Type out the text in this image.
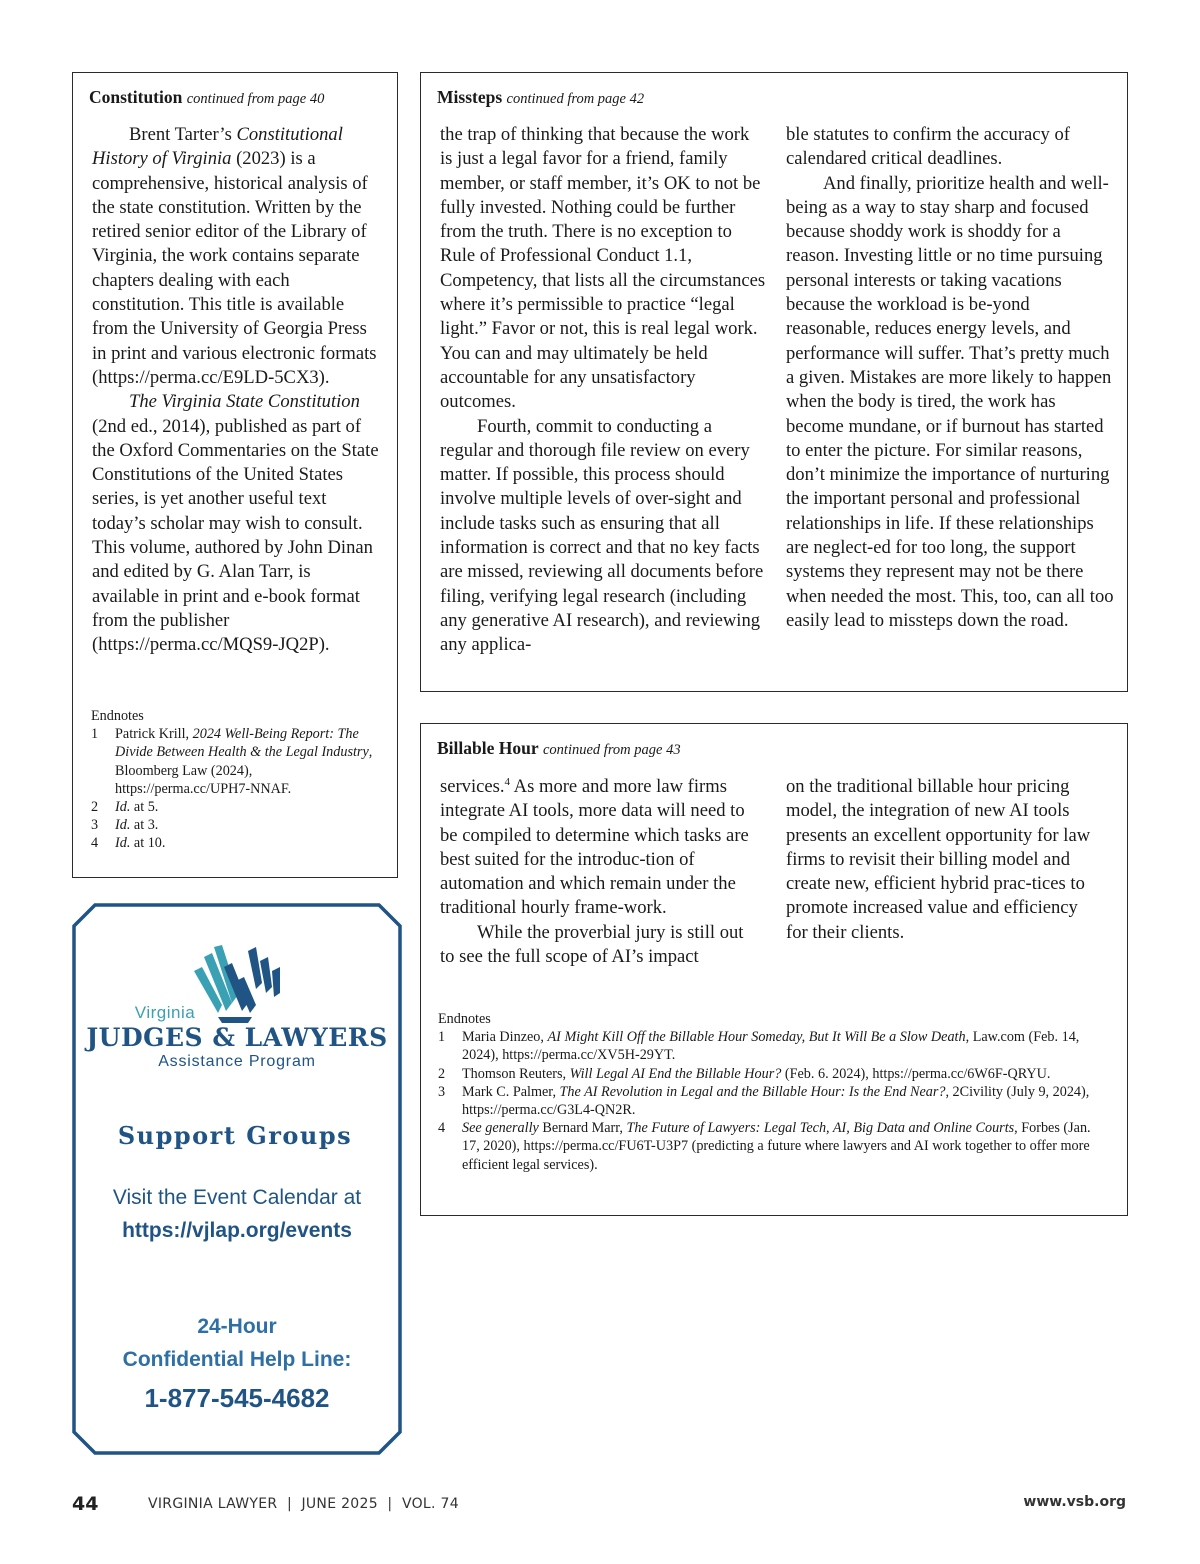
Constitution continued from page 40

Brent Tarter’s Constitutional History of Virginia (2023) is a comprehensive, historical analysis of the state constitution. Written by the retired senior editor of the Library of Virginia, the work contains separate chapters dealing with each constitution. This title is available from the University of Georgia Press in print and various electronic formats (https://perma.cc/E9LD-5CX3).

The Virginia State Constitution (2nd ed., 2014), published as part of the Oxford Commentaries on the State Constitutions of the United States series, is yet another useful text today’s scholar may wish to consult. This volume, authored by John Dinan and edited by G. Alan Tarr, is available in print and e-book format from the publisher (https://perma.cc/MQS9-JQ2P).

Endnotes
1 Patrick Krill, 2024 Well-Being Report: The Divide Between Health & the Legal Industry, Bloomberg Law (2024), https://perma.cc/UPH7-NNAF.
2 Id. at 5.
3 Id. at 3.
4 Id. at 10.
Missteps continued from page 42

the trap of thinking that because the work is just a legal favor for a friend, family member, or staff member, it’s OK to not be fully invested. Nothing could be further from the truth. There is no exception to Rule of Professional Conduct 1.1, Competency, that lists all the circumstances where it’s permissible to practice “legal light.” Favor or not, this is real legal work. You can and may ultimately be held accountable for any unsatisfactory outcomes.

Fourth, commit to conducting a regular and thorough file review on every matter. If possible, this process should involve multiple levels of over-sight and include tasks such as ensuring that all information is correct and that no key facts are missed, reviewing all documents before filing, verifying legal research (including any generative AI research), and reviewing any applica-

ble statutes to confirm the accuracy of calendared critical deadlines.

And finally, prioritize health and well-being as a way to stay sharp and focused because shoddy work is shoddy for a reason. Investing little or no time pursuing personal interests or taking vacations because the workload is be-yond reasonable, reduces energy levels, and performance will suffer. That’s pretty much a given. Mistakes are more likely to happen when the body is tired, the work has become mundane, or if burnout has started to enter the picture. For similar reasons, don’t minimize the importance of nurturing the important personal and professional relationships in life. If these relationships are neglect-ed for too long, the support systems they represent may not be there when needed the most. This, too, can all too easily lead to missteps down the road.

Billable Hour continued from page 43

services.$^4$ As more and more law firms integrate AI tools, more data will need to be compiled to determine which tasks are best suited for the introduc-tion of automation and which remain under the traditional hourly frame-work.

While the proverbial jury is still out to see the full scope of AI’s impact

on the traditional billable hour pricing model, the integration of new AI tools presents an excellent opportunity for law firms to revisit their billing model and create new, efficient hybrid prac-tices to promote increased value and efficiency for their clients.

Endnotes
1 Maria Dinzeo, AI Might Kill Off the Billable Hour Someday, But It Will Be a Slow Death, Law.com (Feb. 14, 2024), https://perma.cc/XV5H-29YT.
2 Thomson Reuters, Will Legal AI End the Billable Hour? (Feb. 6. 2024), https://perma.cc/6W6F-QRYU.
3 Mark C. Palmer, The AI Revolution in Legal and the Billable Hour: Is the End Near?, 2Civility (July 9, 2024), https://perma.cc/G3L4-QN2R.
4 See generally Bernard Marr, The Future of Lawyers: Legal Tech, AI, Big Data and Online Courts, Forbes (Jan. 17, 2020), https://perma.cc/FU6T-U3P7 (predicting a future where lawyers and AI work together to offer more efficient legal services).
Virginia
JUDGES & LAWYERS
Assistance Program
Support Groups
Visit the Event Calendar at
https://vjlap.org/events
24-Hour
Confidential Help Line:
1-877-545-4682
44	VIRGINIA LAWYER  |  JUNE 2025  |  VOL. 74	www.vsb.org
